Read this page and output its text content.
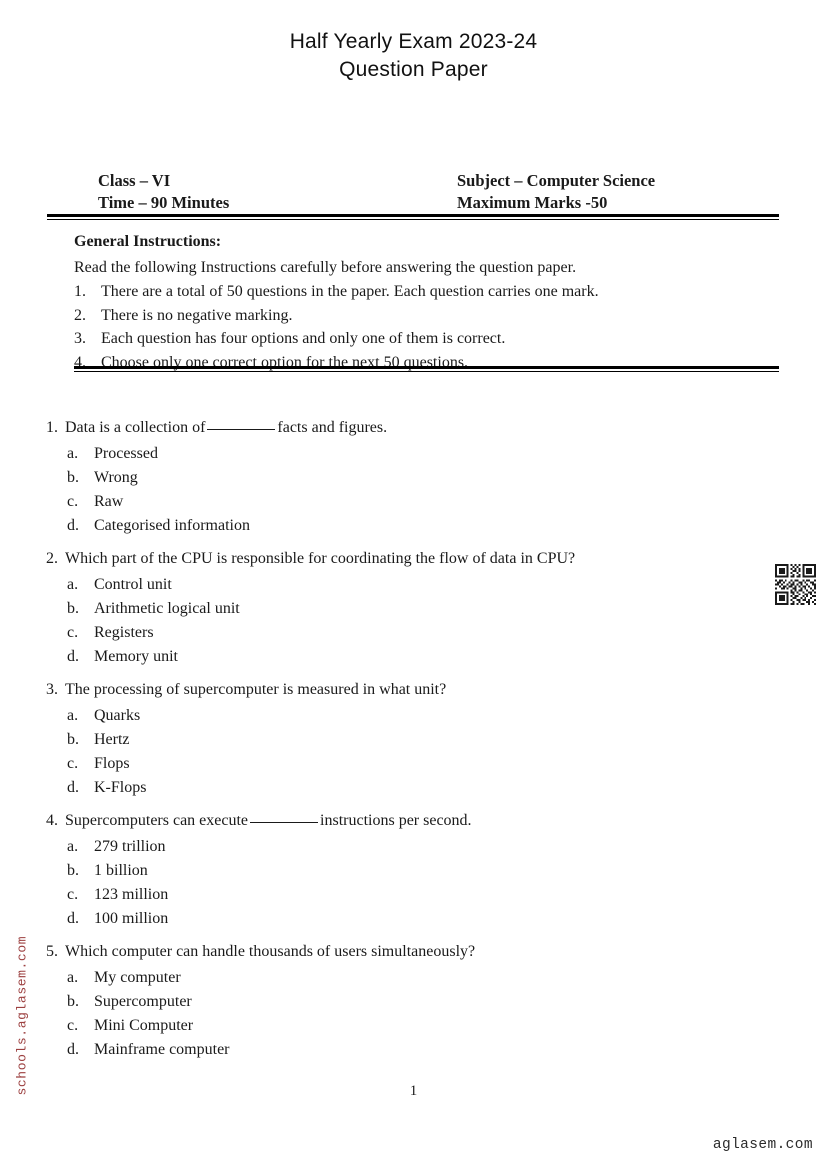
Half Yearly Exam 2023-24
Question Paper
Class – VI
Time – 90 Minutes
Subject – Computer Science
Maximum Marks -50
General Instructions:
Read the following Instructions carefully before answering the question paper.
1. There are a total of 50 questions in the paper. Each question carries one mark.
2. There is no negative marking.
3. Each question has four options and only one of them is correct.
4. Choose only one correct option for the next 50 questions.
1. Data is a collection of	facts and figures.
a. Processed
b. Wrong
c. Raw
d. Categorised information
2. Which part of the CPU is responsible for coordinating the flow of data in CPU?
a. Control unit
b. Arithmetic logical unit
c. Registers
d. Memory unit
3. The processing of supercomputer is measured in what unit?
a. Quarks
b. Hertz
c. Flops
d. K-Flops
4. Supercomputers can execute	instructions per second.
a. 279 trillion
b. 1 billion
c. 123 million
d. 100 million
5. Which computer can handle thousands of users simultaneously?
a. My computer
b. Supercomputer
c. Mini Computer
d. Mainframe computer
schools.aglasem.com
aglasem.com
1
